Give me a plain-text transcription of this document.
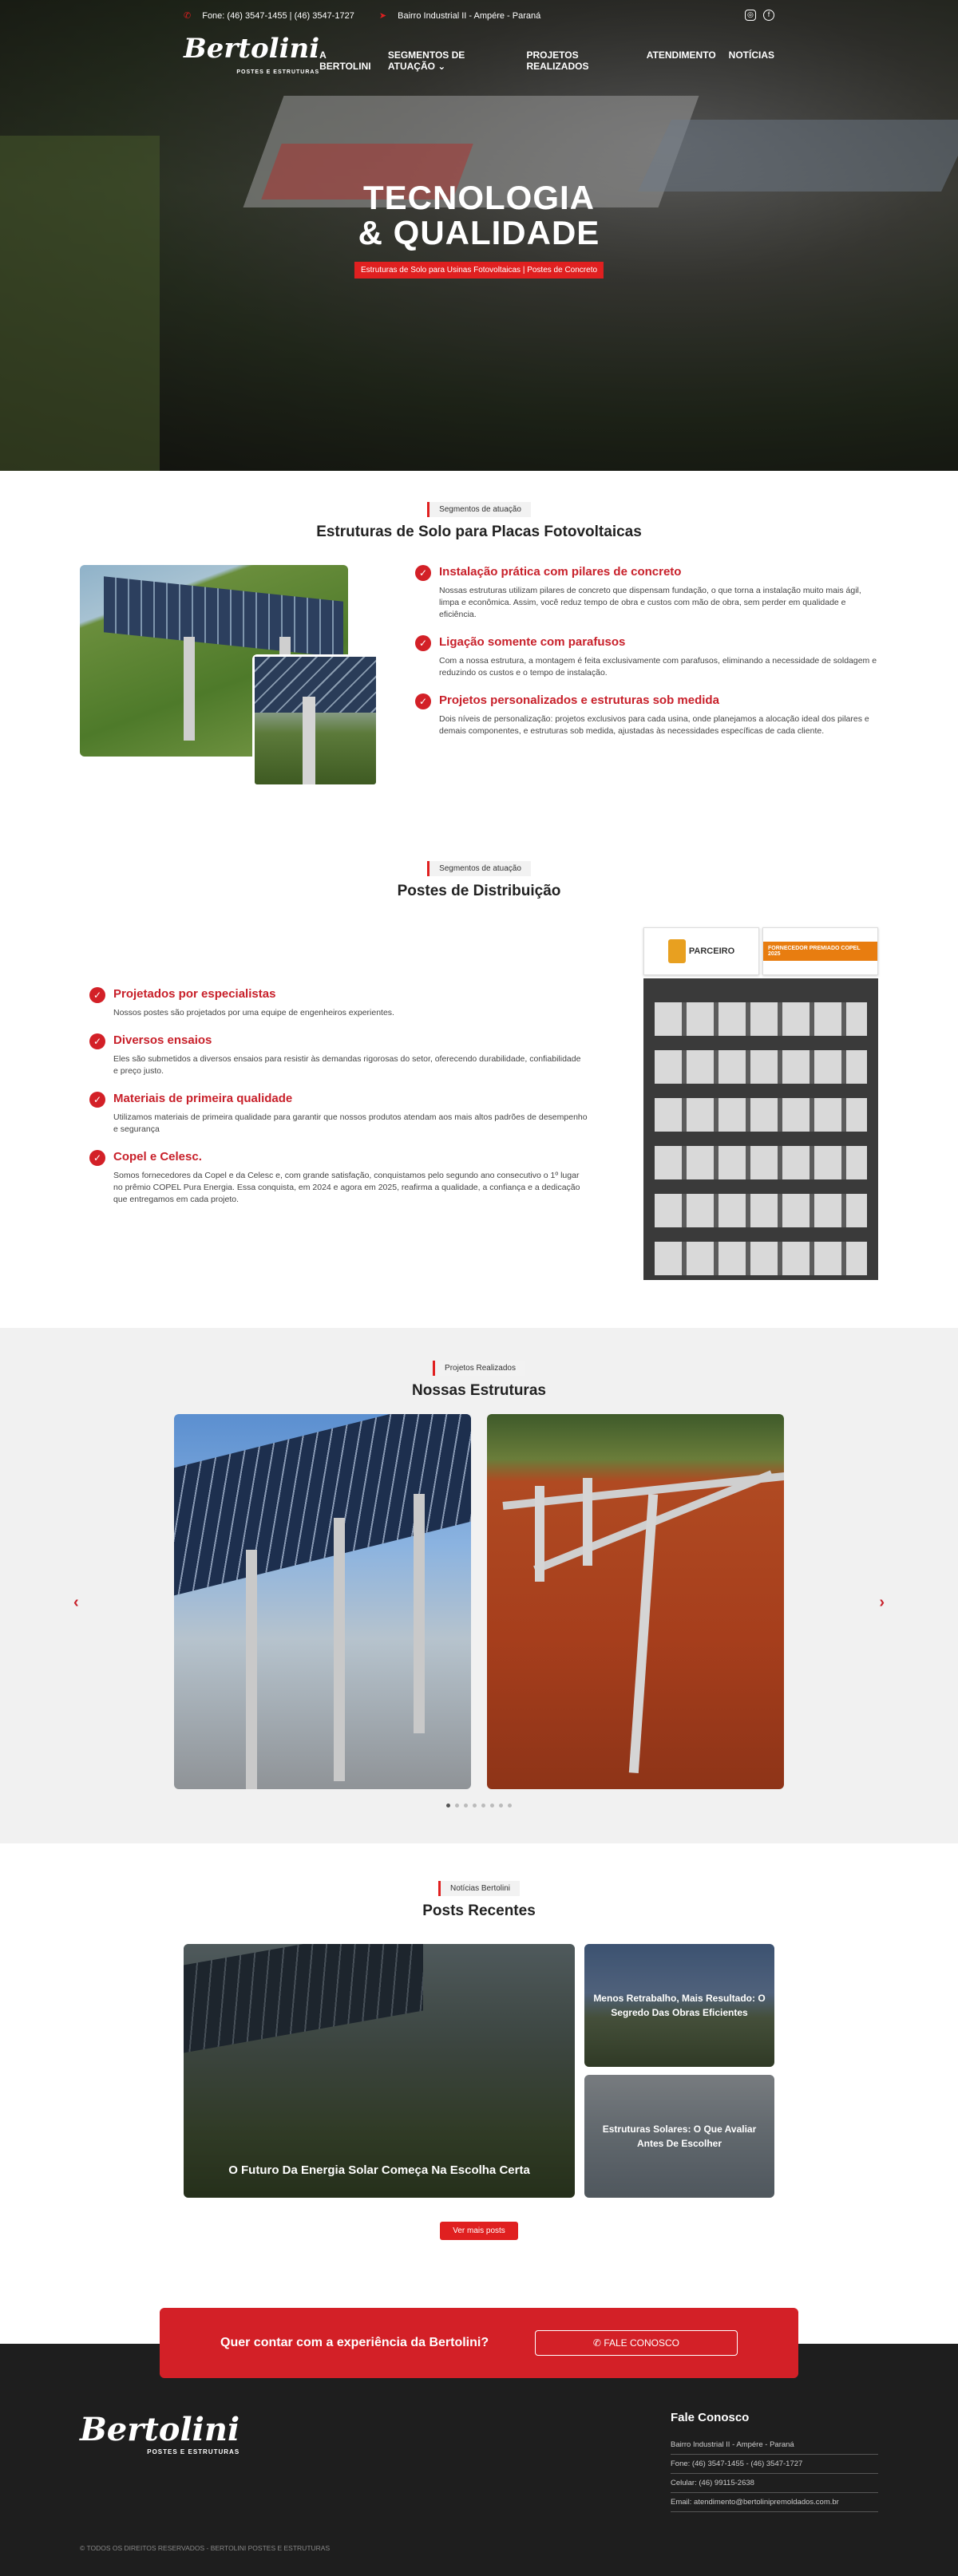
✆ Fone: (46) 3547-1455 | (46) 3547-1727	➤ Bairro Industrial II - Ampére - Paraná	◎ f
Bertolini
POSTES E ESTRUTURAS
A BERTOLINI
SEGMENTOS DE ATUAÇÃO ⌄
PROJETOS REALIZADOS
ATENDIMENTO NOTÍCIAS
TECNOLOGIA
& QUALIDADE
Estruturas de Solo para Usinas Fotovoltaicas | Postes de Concreto
Segmentos de atuação
Estruturas de Solo para Placas Fotovoltaicas
✓ Instalação prática com pilares de concreto

Nossas estruturas utilizam pilares de concreto que dispensam fundação, o que torna a instalação muito mais ágil, limpa e econômica. Assim, você reduz tempo de obra e custos com mão de obra, sem perder em qualidade e eficiência.

✓ Ligação somente com parafusos

Com a nossa estrutura, a montagem é feita exclusivamente com parafusos, eliminando a necessidade de soldagem e reduzindo os custos e o tempo de instalação.

✓ Projetos personalizados e estruturas sob medida

Dois níveis de personalização: projetos exclusivos para cada usina, onde planejamos a alocação ideal dos pilares e demais componentes, e estruturas sob medida, ajustadas às necessidades específicas de cada cliente.

Segmentos de atuação
Postes de Distribuição
✓ Projetados por especialistas

Nossos postes são projetados por uma equipe de engenheiros experientes.

✓ Diversos ensaios

Eles são submetidos a diversos ensaios para resistir às demandas rigorosas do setor, oferecendo durabilidade, confiabilidade e preço justo.

✓ Materiais de primeira qualidade

Utilizamos materiais de primeira qualidade para garantir que nossos produtos atendam aos mais altos padrões de desempenho e segurança

✓ Copel e Celesc.

Somos fornecedores da Copel e da Celesc e, com grande satisfação, conquistamos pelo segundo ano consecutivo o 1º lugar no prêmio COPEL Pura Energia. Essa conquista, em 2024 e agora em 2025, reafirma a qualidade, a confiança e a dedicação que entregamos em cada projeto.

PARCEIRO	FORNECEDOR PREMIADO COPEL 2025
Projetos Realizados
Nossas Estruturas
‹	›
Notícias Bertolini
Posts Recentes
O Futuro Da Energia Solar Começa Na Escolha Certa
Menos Retrabalho, Mais Resultado: O Segredo Das Obras Eficientes
Estruturas Solares: O Que Avaliar Antes De Escolher
Ver mais posts
Quer contar com a experiência da Bertolini?	✆ FALE CONOSCO
Bertolini
POSTES E ESTRUTURAS
Fale Conosco

Bairro Industrial II - Ampére - Paraná

Fone: (46) 3547-1455 - (46) 3547-1727

Celular: (46) 99115-2638

Email: atendimento@bertolinipremoldados.com.br

© TODOS OS DIREITOS RESERVADOS - BERTOLINI POSTES E ESTRUTURAS
